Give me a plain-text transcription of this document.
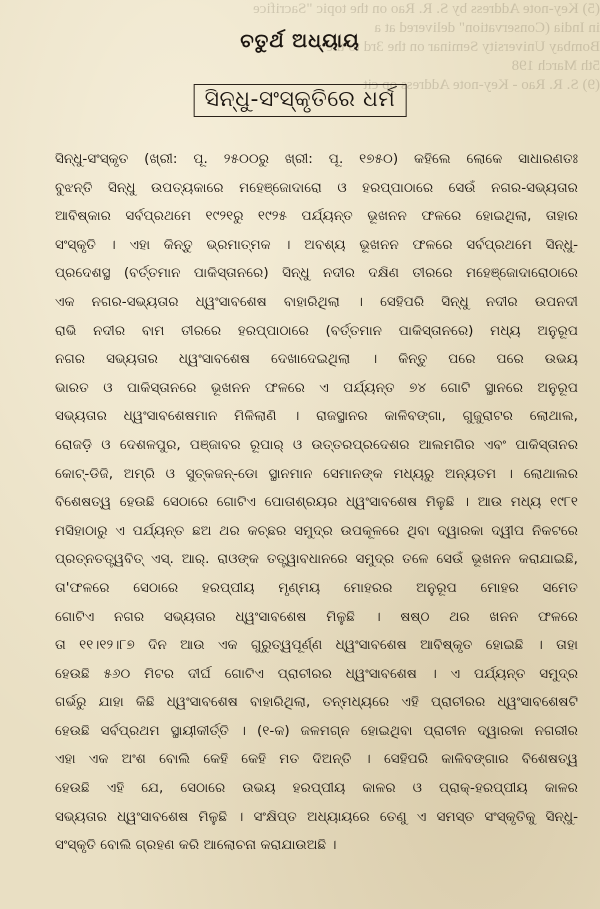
(5) Key-note Address by S. R. Rao on the topic "Sacrifice
in India (Conservation" delivered at a
Bombay University Seminar on the 3rd to the
5th March 198
(9) S. R. Rao - Key-note Address op cit
ଚତୁର୍ଥ ଅଧ୍ୟାୟ
ସିନ୍ଧୁ-ସଂସ୍କୃତିରେ ଧର୍ମ
ସିନ୍ଧୁ-ସଂସ୍କୃତ (ଖ୍ରୀ: ପୂ. ୨୫୦୦ରୁ ଖ୍ରୀ: ପୂ. ୧୭୫୦) କହିଲେ ଲୋକେ ସାଧାରଣତଃ
ବୁଝନ୍ତି ସିନ୍ଧୁ ଉପତ୍ୟକାରେ ମହେଞ୍ଜୋଦାରୋ ଓ ହରପ୍ପାଠାରେ ସେଉଁ ନଗର-ସଭ୍ୟତାର
ଆବିଷ୍କାର ସର୍ବପ୍ରଥମେ ୧୯୨୧ରୁ ୧୯୨୫ ପର୍ଯ୍ୟନ୍ତ ଭୂଖନନ ଫଳରେ ହୋଇଥିଲା, ତାହାର
ସଂସ୍କୃତି । ଏହା କିନ୍ତୁ ଭ୍ରମାତ୍ମକ । ଅବଶ୍ୟ ଭୂଖନନ ଫଳରେ ସର୍ବପ୍ରଥମେ ସିନ୍ଧୁ-
ପ୍ରଦେଶସ୍ଥ (ବର୍ତ୍ତମାନ ପାକିସ୍ତାନରେ) ସିନ୍ଧୁ ନଦୀର ଦକ୍ଷିଣ ତୀରରେ ମହେଞ୍ଜୋଦାରୋଠାରେ
ଏକ ନଗର-ସଭ୍ୟତାର ଧ୍ୱଂସାବଶେଷ ବାହାରିଥିଲା । ସେହିପରି ସିନ୍ଧୁ ନଦୀର ଉପନଦୀ
ରାଭି ନଦୀର ବାମ ତୀରରେ ହରପ୍ପାଠାରେ (ବର୍ତ୍ତମାନ ପାକିସ୍ତାନରେ) ମଧ୍ୟ ଅନୁରୂପ
ନଗର ସଭ୍ୟତାର ଧ୍ୱଂସାବଶେଷ ଦେଖାଦେଇଥିଲା । କିନ୍ତୁ ପରେ ପରେ ଉଭୟ
ଭାରତ ଓ ପାକିସ୍ତାନରେ ଭୂଖନନ ଫଳରେ ଏ ପର୍ଯ୍ୟନ୍ତ ୭୪ ଗୋଟି ସ୍ଥାନରେ ଅନୁରୂପ
ସଭ୍ୟତାର ଧ୍ୱଂସାବଶେଷମାନ ମିଳିଲାଣି । ରାଜସ୍ଥାନର କାଳିବଙ୍ଗା, ଗୁଜୁରାଟର ଲୋଥାଲ,
ରୋଜଡ଼ି ଓ ଦେଶଳପୁର, ପଞ୍ଜାବର ରୂପାର୍ ଓ ଉତ୍ତରପ୍ରଦେଶର ଆଲମଗିର ଏବଂ ପାକିସ୍ତାନର
କୋଟ୍-ଡିଜି, ଅମ୍ରି ଓ ସୁତ୍କଜନ୍-ଡୋ ସ୍ଥାନମାନ ସେମାନଙ୍କ ମଧ୍ୟରୁ ଅନ୍ୟତମ । ଲୋଥାଲର
ବିଶେଷତ୍ୱ ହେଉଛି ସେଠାରେ ଗୋଟିଏ ପୋତାଶ୍ରୟର ଧ୍ୱଂସାବଶେଷ ମିଳୁଛି । ଆଉ ମଧ୍ୟ ୧୯୮୧
ମସିହାଠାରୁ ଏ ପର୍ଯ୍ୟନ୍ତ ଛଅ ଥର କଚ୍ଛର ସମୁଦ୍ର ଉପକୂଳରେ ଥିବା ଦ୍ୱାରକା ଦ୍ୱୀପ ନିକଟରେ
ପ୍ରତ୍ନତତ୍ତ୍ୱବିତ୍ ଏସ୍. ଆର୍. ରାଓଙ୍କ ତତ୍ତ୍ୱାବଧାନରେ ସମୁଦ୍ର ତଳେ ସେଉଁ ଭୂଖନନ କରାଯାଇଛି,
ତା'ଫଳରେ ସେଠାରେ ହରପ୍ପୀୟ ମୃଣ୍ମୟ ମୋହରର ଅନୁରୂପ ମୋହର ସମେତ
ଗୋଟିଏ ନଗର ସଭ୍ୟତାର ଧ୍ୱଂସାବଶେଷ ମିଳୁଛି । ଷଷ୍ଠ ଥର ଖନନ ଫଳରେ
ତା ୧୧।୧୨।୮୭ ଦିନ ଆଉ ଏକ ଗୁରୁତ୍ୱପୂର୍ଣ୍ଣ ଧ୍ୱଂସାବଶେଷ ଆବିଷ୍କୃତ ହୋଇଛି । ତାହା
ହେଉଛି ୫୬୦ ମିଟର ଦୀର୍ଘ ଗୋଟିଏ ପ୍ରାଚୀରର ଧ୍ୱଂସାବଶେଷ । ଏ ପର୍ଯ୍ୟନ୍ତ ସମୁଦ୍ର
ଗର୍ଭରୁ ଯାହା କିଛି ଧ୍ୱଂସାବଶେଷ ବାହାରିଥିଲା, ତନ୍ମଧ୍ୟରେ ଏହି ପ୍ରାଚୀରର ଧ୍ୱଂସାବଶେଷଟି
ହେଉଛି ସର୍ବପ୍ରଥମ ସ୍ଥାୟୀକୀର୍ତ୍ତି । (୧-କ) ଜଳମଗ୍ନ ହୋଇଥିବା ପ୍ରାଚୀନ ଦ୍ୱାରକା ନଗରୀର
ଏହା ଏକ ଅଂଶ ବୋଲି କେହି କେହି ମତ ଦିଅନ୍ତି । ସେହିପରି କାଳିବଙ୍ଗାର ବିଶେଷତ୍ୱ
ହେଉଛି ଏହି ଯେ, ସେଠାରେ ଉଭୟ ହରପ୍ପୀୟ କାଳର ଓ ପ୍ରାକ୍-ହରପ୍ପୀୟ କାଳର
ସଭ୍ୟତାର ଧ୍ୱଂସାବଶେଷ ମିଳୁଛି । ସଂକ୍ଷିପ୍ତ ଅଧ୍ୟାୟରେ ତେଣୁ ଏ ସମସ୍ତ ସଂସ୍କୃତିକୁ ସିନ୍ଧୁ-
ସଂସ୍କୃତି ବୋଲି ଗ୍ରହଣ କରି ଆଲୋଚନା କରାଯାଉଅଛି ।
